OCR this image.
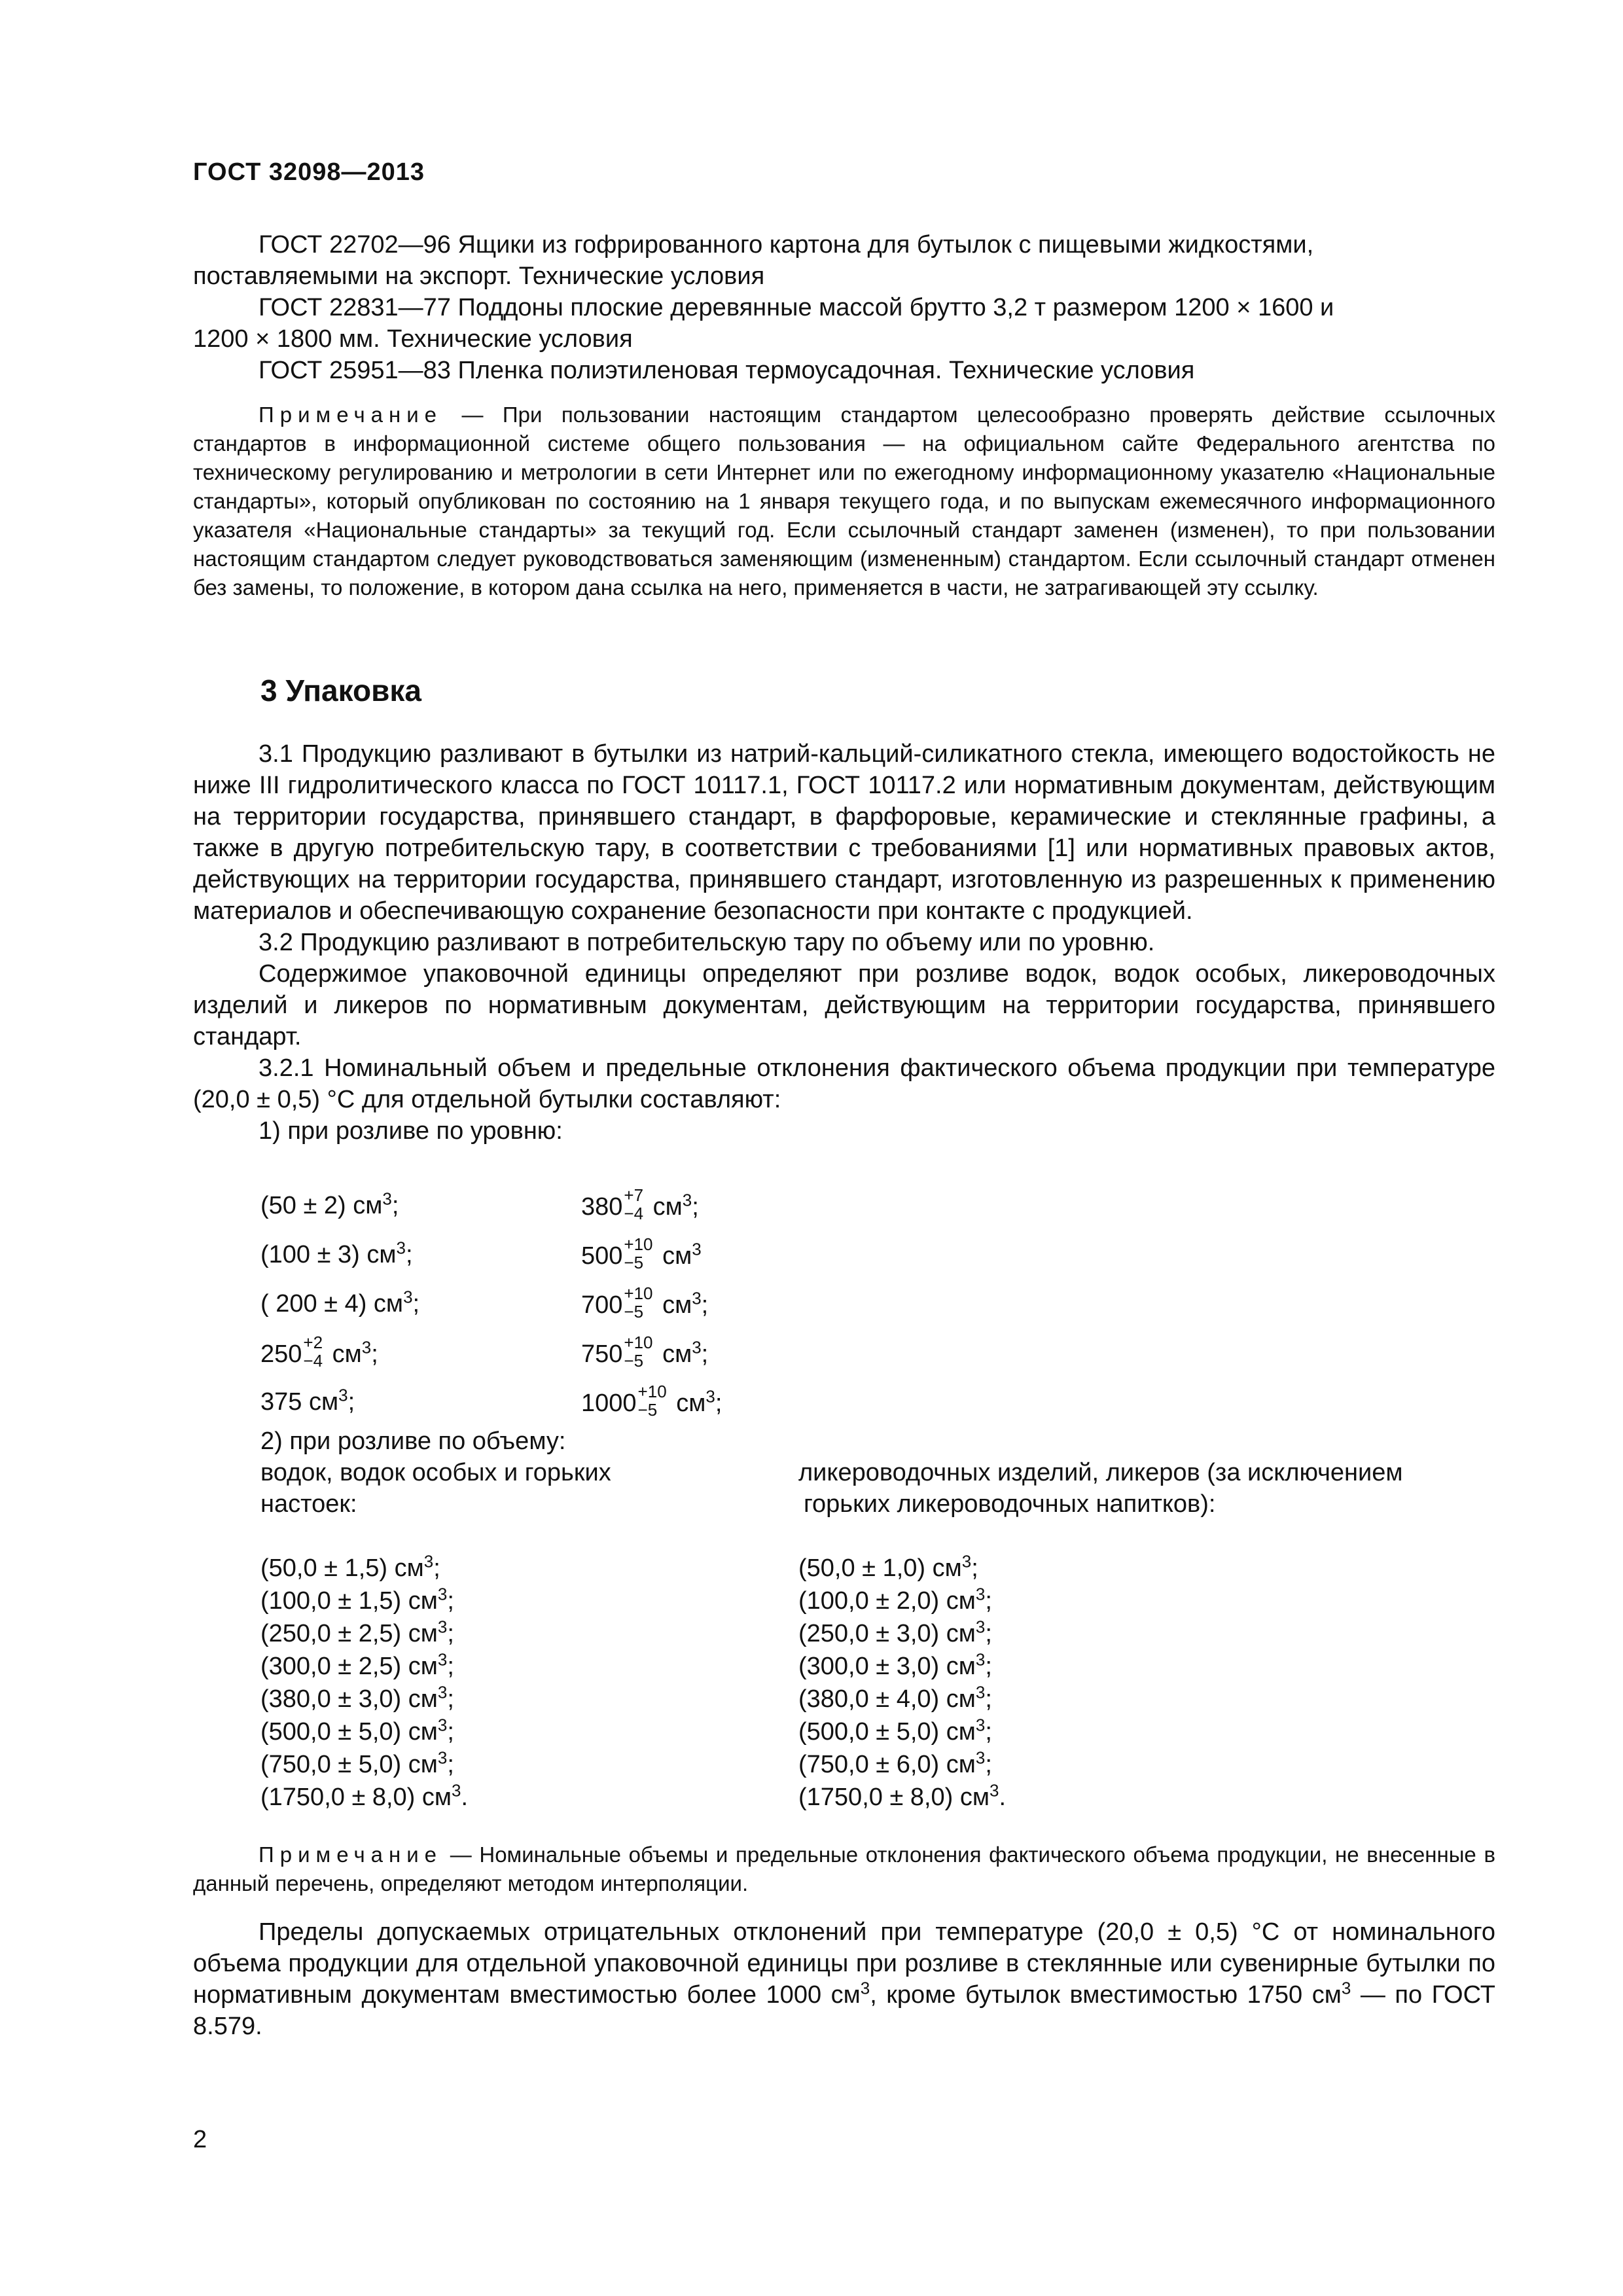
ГОСТ 32098—2013

ГОСТ 22702—96 Ящики из гофрированного картона для бутылок с пищевыми жидкостями,

поставляемыми на экспорт. Технические условия

ГОСТ 22831—77 Поддоны плоские деревянные массой брутто 3,2 т размером 1200 × 1600 и

1200 × 1800 мм. Технические условия

ГОСТ 25951—83 Пленка полиэтиленовая термоусадочная. Технические условия

Примечание — При пользовании настоящим стандартом целесообразно проверять действие ссылочных стандартов в информационной системе общего пользования — на официальном сайте Федерального агентства по техническому регулированию и метрологии в сети Интернет или по ежегодному информационному указателю «Национальные стандарты», который опубликован по состоянию на 1 января текущего года, и по выпускам ежемесячного информационного указателя «Национальные стандарты» за текущий год. Если ссылочный стандарт заменен (изменен), то при пользовании настоящим стандартом следует руководствоваться заменяющим (измененным) стандартом. Если ссылочный стандарт отменен без замены, то положение, в котором дана ссылка на него, применяется в части, не затрагивающей эту ссылку.

3 Упаковка

3.1 Продукцию разливают в бутылки из натрий-кальций-силикатного стекла, имеющего водостойкость не ниже III гидролитического класса по ГОСТ 10117.1, ГОСТ 10117.2 или нормативным документам, действующим на территории государства, принявшего стандарт, в фарфоровые, керамические и стеклянные графины, а также в другую потребительскую тару, в соответствии с требованиями [1] или нормативных правовых актов, действующих на территории государства, принявшего стандарт, изготовленную из разрешенных к применению материалов и обеспечивающую сохранение безопасности при контакте с продукцией.

3.2 Продукцию разливают в потребительскую тару по объему или по уровню.

Содержимое упаковочной единицы определяют при розливе водок, водок особых, ликероводочных изделий и ликеров по нормативным документам, действующим на территории государства, принявшего стандарт.

3.2.1 Номинальный объем и предельные отклонения фактического объема продукции при температуре (20,0 ± 0,5) °С для отдельной бутылки составляют:

1) при розливе по уровню:

(50 ± 2) $см^3$;
(100 ± 3) $см^3$;
( 200 ± 4) $см^3$;
250 +2
−4 $см^3$;
375 $см^3$;
380 +7
−4 $см^3$;
500 +10
−5 $см^3$
700 +10
−5 $см^3$;
750 +10
−5 $см^3$;
1000 +10
−5 $см^3$;
2) при розливе по объему:
водок, водок особых и горьких
настоек:
ликероводочных изделий, ликеров (за исключением
горьких ликероводочных напитков):
(50,0 ± 1,5) $см^3$;
(100,0 ± 1,5) $см^3$;
(250,0 ± 2,5) $см^3$;
(300,0 ± 2,5) $см^3$;
(380,0 ± 3,0) $см^3$;
(500,0 ± 5,0) $см^3$;
(750,0 ± 5,0) $см^3$;
(1750,0 ± 8,0) $см^3$.
(50,0 ± 1,0) $см^3$;
(100,0 ± 2,0) $см^3$;
(250,0 ± 3,0) $см^3$;
(300,0 ± 3,0) $см^3$;
(380,0 ± 4,0) $см^3$;
(500,0 ± 5,0) $см^3$;
(750,0 ± 6,0) $см^3$;
(1750,0 ± 8,0) $см^3$.

Примечание — Номинальные объемы и предельные отклонения фактического объема продукции, не внесенные в данный перечень, определяют методом интерполяции.

Пределы допускаемых отрицательных отклонений при температуре (20,0 ± 0,5) °С от номинального объема продукции для отдельной упаковочной единицы при розливе в стеклянные или сувенирные бутылки по нормативным документам вместимостью более 1000 $см^3$, кроме бутылок вместимостью 1750 $см^3$ — по ГОСТ 8.579.

2
